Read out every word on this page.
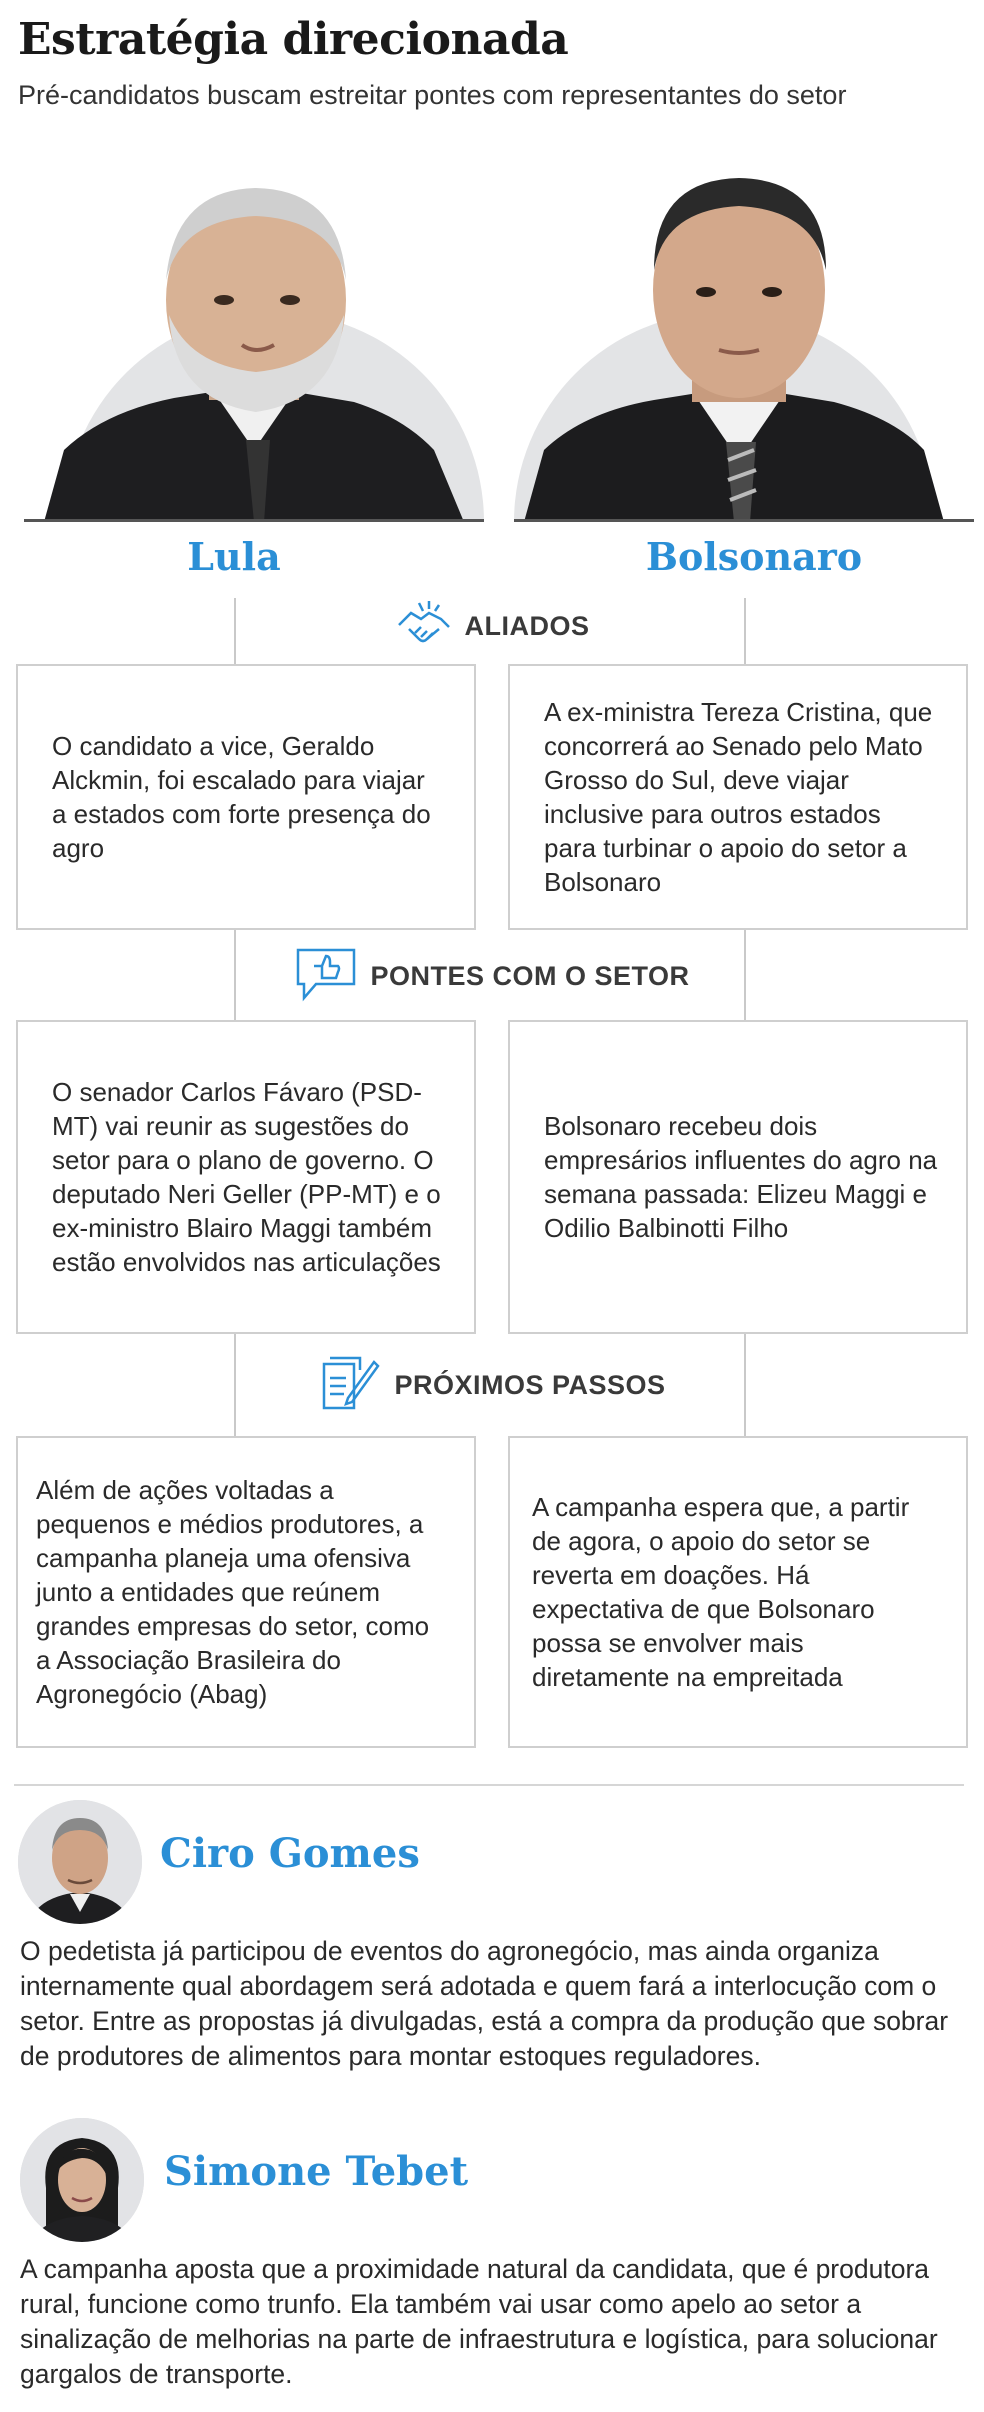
Estratégia direcionada
Pré-candidatos buscam estreitar pontes com representantes do setor
Lula	Bolsonaro
ALIADOS
O candidato a vice, Geraldo Alckmin, foi escalado para viajar a estados com forte presença do agro
A ex-ministra Tereza Cristina, que concorrerá ao Senado pelo Mato Grosso do Sul, deve viajar inclusive para outros estados para turbinar o apoio do setor a Bolsonaro
PONTES COM O SETOR
O senador Carlos Fávaro (PSD-MT) vai reunir as sugestões do setor para o plano de governo. O deputado Neri Geller (PP-MT) e o ex-ministro Blairo Maggi também estão envolvidos nas articulações
Bolsonaro recebeu dois empresários influentes do agro na semana passada: Elizeu Maggi e Odilio Balbinotti Filho
PRÓXIMOS PASSOS
Além de ações voltadas a pequenos e médios produtores, a campanha planeja uma ofensiva junto a entidades que reúnem grandes empresas do setor, como a Associação Brasileira do Agronegócio (Abag)
A campanha espera que, a partir de agora, o apoio do setor se reverta em doações. Há expectativa de que Bolsonaro possa se envolver mais diretamente na empreitada
Ciro Gomes
O pedetista já participou de eventos do agronegócio, mas ainda organiza internamente qual abordagem será adotada e quem fará a interlocução com o setor. Entre as propostas já divulgadas, está a compra da produção que sobrar de produtores de alimentos para montar estoques reguladores.
Simone Tebet
A campanha aposta que a proximidade natural da candidata, que é produtora rural, funcione como trunfo. Ela também vai usar como apelo ao setor a sinalização de melhorias na parte de infraestrutura e logística, para solucionar gargalos de transporte.
